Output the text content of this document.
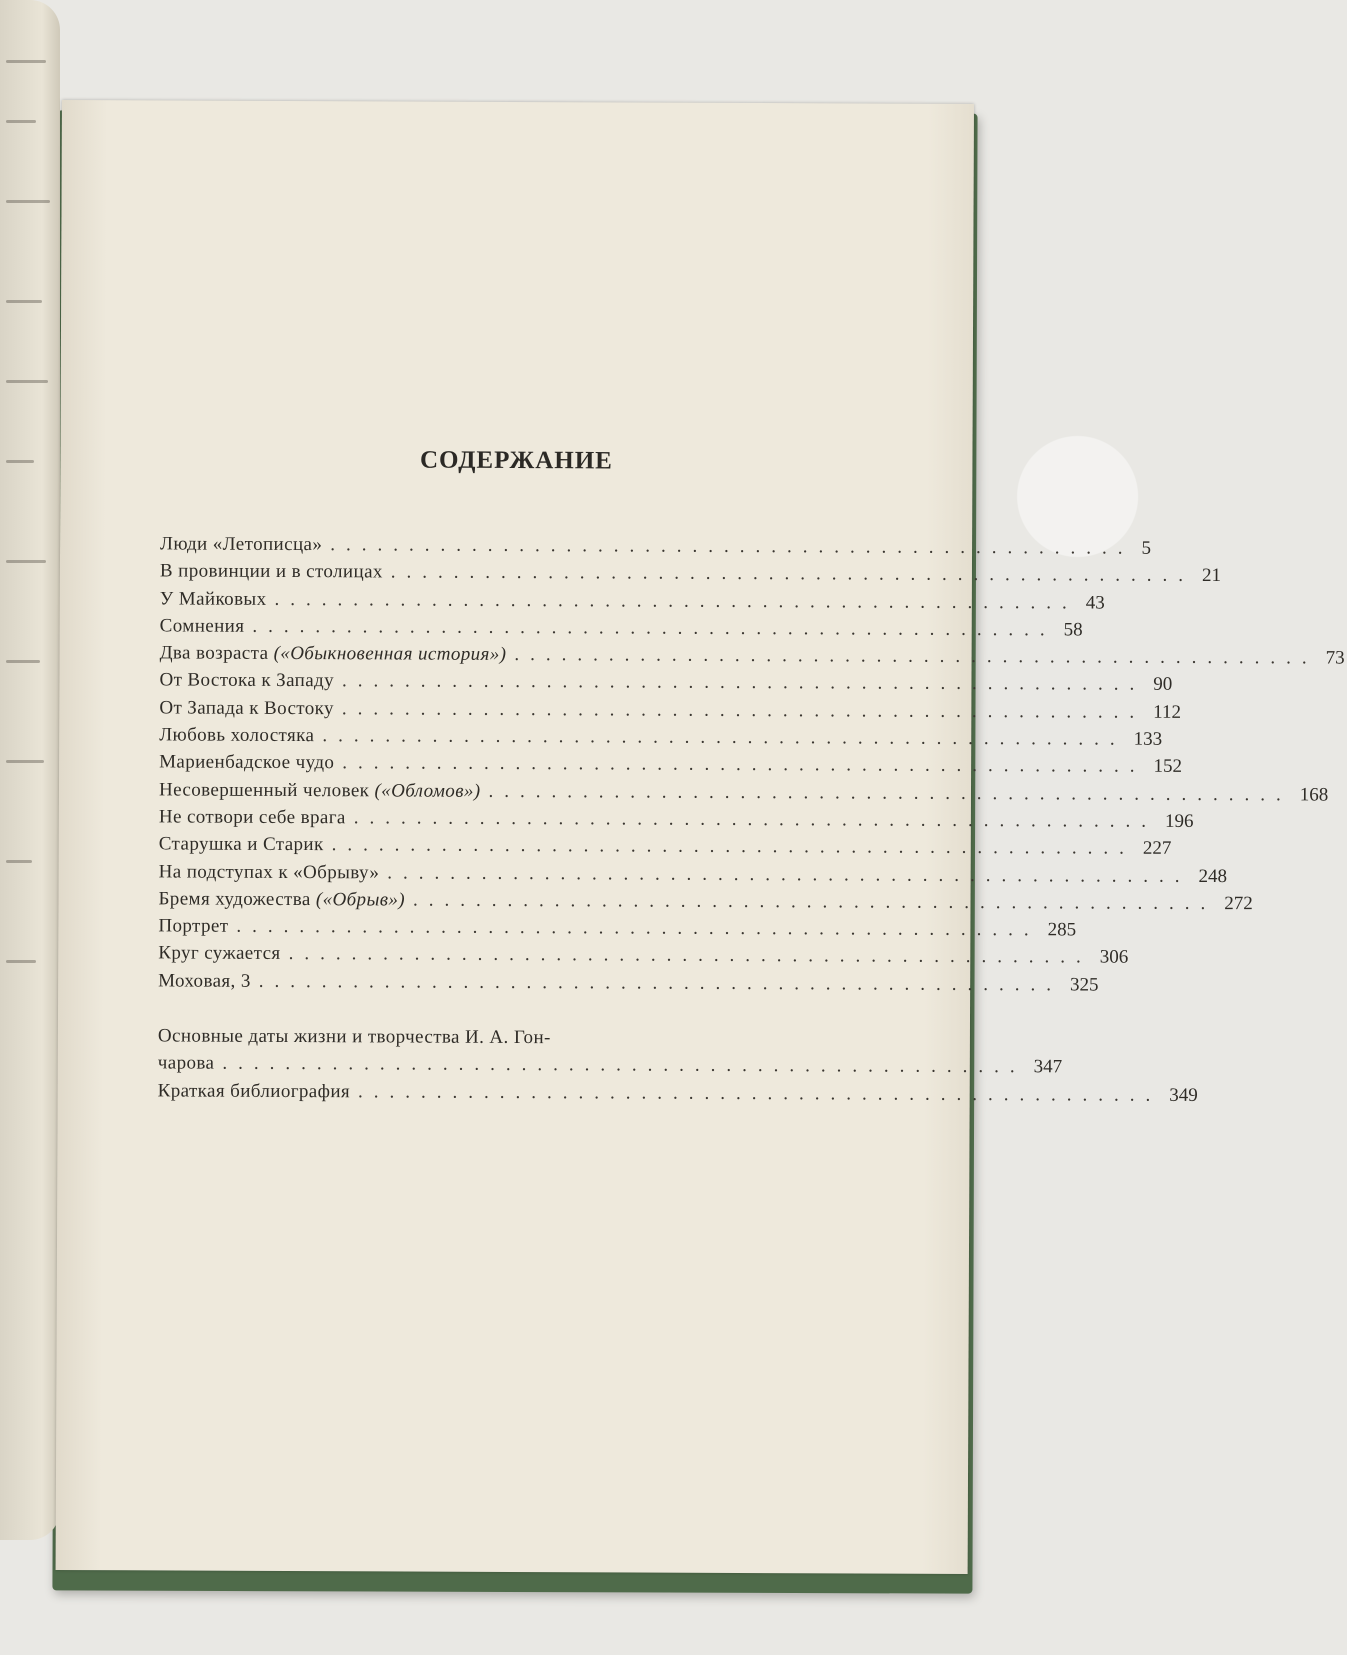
СОДЕРЖАНИЕ
Люди «Летописца» ................................................... 5
В провинции и в столицах ................................................... 21
У Майковых ................................................... 43
Сомнения ................................................... 58
Два возраста («Обыкновенная история») ................................................... 73
От Востока к Западу ................................................... 90
От Запада к Востоку ................................................... 112
Любовь холостяка ................................................... 133
Мариенбадское чудо ................................................... 152
Несовершенный человек («Обломов») ................................................... 168
Не сотвори себе врага ................................................... 196
Старушка и Старик ................................................... 227
На подступах к «Обрыву» ................................................... 248
Бремя художества («Обрыв») ................................................... 272
Портрет ................................................... 285
Круг сужается ................................................... 306
Моховая, 3 ................................................... 325
Основные даты жизни и творчества И. А. Гон-
чарова ................................................... 347
Краткая библиография ................................................... 349
